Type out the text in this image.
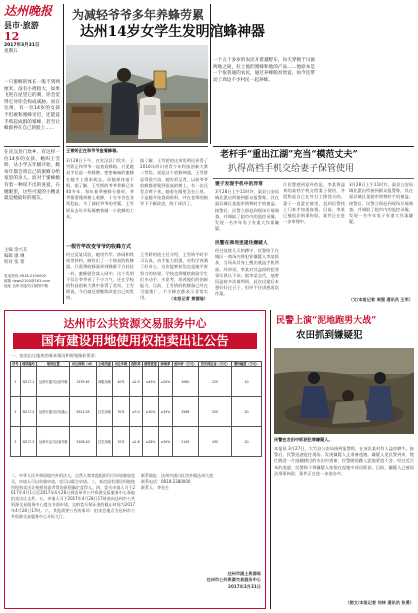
达州晚报
县市·旅游
12
2017年3月31日
星期五
一只蜜蜂的体长一般不到两厘米，没有小拇指大，如果飞进在屋里它的刺，你会觉得它对你会构成威胁。而在达州，有一位14岁的女孩不但敢和蜜蜂亲近，还能徒手抓起成群的蜜蜂，甚至让蜂群停在自己的脸上……
在宣汉县门坎乡，有这样一位14岁的女孩，她叫王雪娇，从小学五年级开始，她每年都会将自己的蜜蜂分给家里的亲人，而对于蜜蜂她有着一种说不出的喜爱，在她眼里，这些可爱的小精灵就是她最好的朋友。
主编 余兴友
编辑 廖 琳
校对 张 蕾
电话热线 0818-2100000
邮箱 dzwb2100@163.com
地址 达州市通川区朝阳中路
为减轻爷爷多年养蜂劳累
达州14岁女学生发明涫蜂神器
一个五十多岁的农民开着越野车，每天穿梭于川渝两地之间，拉上他的蜜蜂和他的产品……他原本是一个很普通的农民，通过养蜂脱贫致富，如今还带动了周边不少村民一起养蜂。
王雪娇正在和爷爷查看蜂箱。
3月28日下午，在宣汉县门坎乡，王雪娇正和爷爷一起查看蜂箱。只见她双手托起一块蜂脾，密密麻麻的蜜蜂在她手上爬来爬去，而她却丝毫不惧。据了解，王雪娇的爷爷养蜂已有40多年，每年春季蜜蜂分群时，爷爷都要爬到树上收蜂，十分辛苦也非常危险。为了减轻爷爷的劳累，王雪娇从去年开始琢磨着做一个收蜂的工具。
据了解，王雪娇的这项发明还获得了2016年四川省青少年科技创新大赛二等奖。说起这个收蜂神器，王雪娇显得很兴奋，她告诉记者，以前爷爷收蜂都要爬到很高的树上，有一次还差点摔下来，她看在眼里急在心里。于是她开始查阅资料，并在老师的指导下不断改进，终于成功了。
一根竹竿改变爷爷的收蜂方式
经过反复试验，她用竹竿、纱网和铁丝等材料，制作出了一个简易的收蜂器，只需将收蜂器举到蜂群下方轻轻一抖，蜜蜂就会落入网中。这个发明不仅让爷爷省了不少力气，还在学校的科技创新大赛中获得了奖项。王雪娇说，今后她还要继续改进自己的发明。
王雪娇的班主任介绍，王雪娇平时学习认真，动手能力很强，对科学充满了好奇心，这次能够获奖也是她平时努力的结果。学校也将继续鼓励学生们多动手、多思考，培养他们的创新能力。目前，王雪娇的收蜂器已经在当地推广，不少蜂农都表示非常实用。	（本报记者 黄德瑜）
老杆手“重出江湖”充当“模范丈夫”
扒得高档手机交给妻子保管使用
妻子发现手机中的异常
3月28日上午11时许，渠县公安局城北派出所接到群众报警称，其在渠县城区某超市购物时手机被盗。接警后，民警立即赶到现场开展调查，并调取了超市内的监控录像，发现一名中年男子有重大作案嫌疑。
民警在商场里逮住嫌疑人
经过连续几天的蹲守，民警终于在城区一商场内将犯罪嫌疑人李某抓获，当场从其身上搜出被盗手机两部。经审讯，李某对其盗窃的犯罪事实供认不讳。据李某交代，他曾因盗窃多次被判刑，此次出狱后本想好好过日子，但经不住诱惑再次作案。
让民警感到意外的是，李某将盗来的高档手机交给妻子使用，并谎称是自己在外打工挣钱买的。妻子一直蒙在鼓里，直到民警找上门来才知道真相。目前，李某已被依法刑事拘留，案件正在进一步审理中。
3月28日上午11时许，渠县公安局城北派出所接到群众报警称，其在渠县城区某超市购物时手机被盗。接警后，民警立即赶到现场开展调查，并调取了超市内的监控录像，发现一名中年男子有重大作案嫌疑。
（文/本报记者 周强 通讯员 王军）
达州市公共资源交易服务中心
国有建设用地使用权拍卖出让公告
一、拍卖出让地块的基本情况和规划指标要求：
序号	地块编号	地块位置	出让面积（㎡）	土地用途	出让年限	容积率	建筑密度	绿地率	起叫价（万元）	竞买保证金（万元）	增价幅度（万元）
1	DZ17-1	达州市通川区西外镇	3235.62	商服用地	40年	≤2.5	≤45%	≥20%	1080	220	10
2	DZ17-2	达州市通川区凤凰山	6312.55	住宅用地	70年	≤3.0	≤30%	≥35%	2568	520	20
3	DZ17-3	达州市达川区南外镇	5208.40	住宅用地	70年	≤2.8	≤28%	≥30%	2145	430	20
二、中华人民共和国境内外的法人、自然人和其他组织均可申请参加竞买，申请人可以单独申请，也可以联合申请。三、本次国有建设用地使用权拍卖出让按照价高者得的原则确定竞得人。四、竞买申请人可于2017年4月1日至2017年4月28日到达州市公共资源交易服务中心获取拍卖出让文件。五、申请人可于2017年4月28日17时前向达州市公共资源交易服务中心提交书面申请，交纳竞买保证金的截止时间为2017年4月28日17时。六、其他需要公告的事项：拍卖会地点为达州市公共资源交易服务中心开标大厅。
联系地址：达州市通川区西外镇达州大道
联系电话：0818-2380000
联系人：李先生
达州市国土资源局
达州市公共资源交易服务中心
2017年3月31日
民警上演“泥地跑男大战”
农田抓到嫌疑犯
民警在农田中抓获犯罪嫌疑人。
本报讯 3月27日，大竹县公安局接到报警称，在该县某村有人盗窃耕牛。接警后，民警迅速赶往现场，发现嫌疑人正准备逃跑。嫌疑人见民警到来，慌忙跳进一片刚翻耕过的水田中逃窜，民警随即跳入泥地紧追不舍。经过近百米的追逐，民警终于将嫌疑人按倒在泥地中成功抓获。目前，嫌疑人已被依法刑事拘留，案件正在进一步侦办中。
（图文/本报记者 何林 通讯员 张勇）
